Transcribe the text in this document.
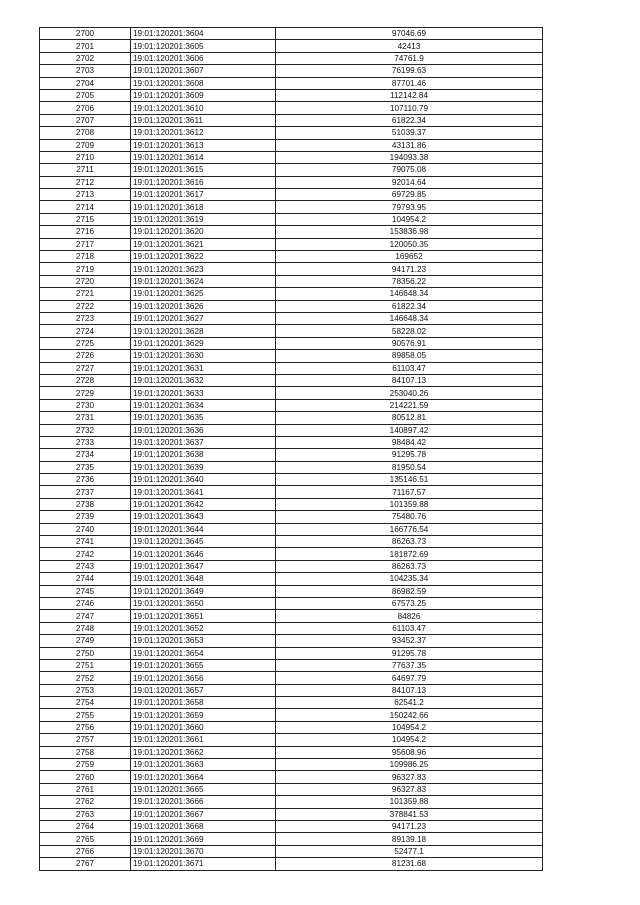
2700	19:01:120201:3604	97046.69
2701	19:01:120201:3605	42413
2702	19:01:120201:3606	74761.9
2703	19:01:120201:3607	76199.63
2704	19:01:120201:3608	87701.46
2705	19:01:120201:3609	112142.84
2706	19:01:120201:3610	107110.79
2707	19:01:120201:3611	61822.34
2708	19:01:120201:3612	51039.37
2709	19:01:120201:3613	43131.86
2710	19:01:120201:3614	194093.38
2711	19:01:120201:3615	79075.08
2712	19:01:120201:3616	92014.64
2713	19:01:120201:3617	69729.85
2714	19:01:120201:3618	79793.95
2715	19:01:120201:3619	104954.2
2716	19:01:120201:3620	153836.98
2717	19:01:120201:3621	120050.35
2718	19:01:120201:3622	169652
2719	19:01:120201:3623	94171.23
2720	19:01:120201:3624	78356.22
2721	19:01:120201:3625	146648.34
2722	19:01:120201:3626	61822.34
2723	19:01:120201:3627	146648.34
2724	19:01:120201:3628	58228.02
2725	19:01:120201:3629	90576.91
2726	19:01:120201:3630	89858.05
2727	19:01:120201:3631	61103.47
2728	19:01:120201:3632	84107.13
2729	19:01:120201:3633	253040.26
2730	19:01:120201:3634	214221.59
2731	19:01:120201:3635	80512.81
2732	19:01:120201:3636	140897.42
2733	19:01:120201:3637	98484.42
2734	19:01:120201:3638	91295.78
2735	19:01:120201:3639	81950.54
2736	19:01:120201:3640	135146.51
2737	19:01:120201:3641	71167.57
2738	19:01:120201:3642	101359.88
2739	19:01:120201:3643	75480.76
2740	19:01:120201:3644	166776.54
2741	19:01:120201:3645	86263.73
2742	19:01:120201:3646	181872.69
2743	19:01:120201:3647	86263.73
2744	19:01:120201:3648	104235.34
2745	19:01:120201:3649	86982.59
2746	19:01:120201:3650	67573.25
2747	19:01:120201:3651	84826
2748	19:01:120201:3652	61103.47
2749	19:01:120201:3653	93452.37
2750	19:01:120201:3654	91295.78
2751	19:01:120201:3655	77637.35
2752	19:01:120201:3656	64697.79
2753	19:01:120201:3657	84107.13
2754	19:01:120201:3658	62541.2
2755	19:01:120201:3659	150242.66
2756	19:01:120201:3660	104954.2
2757	19:01:120201:3661	104954.2
2758	19:01:120201:3662	95608.96
2759	19:01:120201:3663	109986.25
2760	19:01:120201:3664	96327.83
2761	19:01:120201:3665	96327.83
2762	19:01:120201:3666	101359.88
2763	19:01:120201:3667	378841.53
2764	19:01:120201:3668	94171.23
2765	19:01:120201:3669	89139.18
2766	19:01:120201:3670	52477.1
2767	19:01:120201:3671	81231.68
